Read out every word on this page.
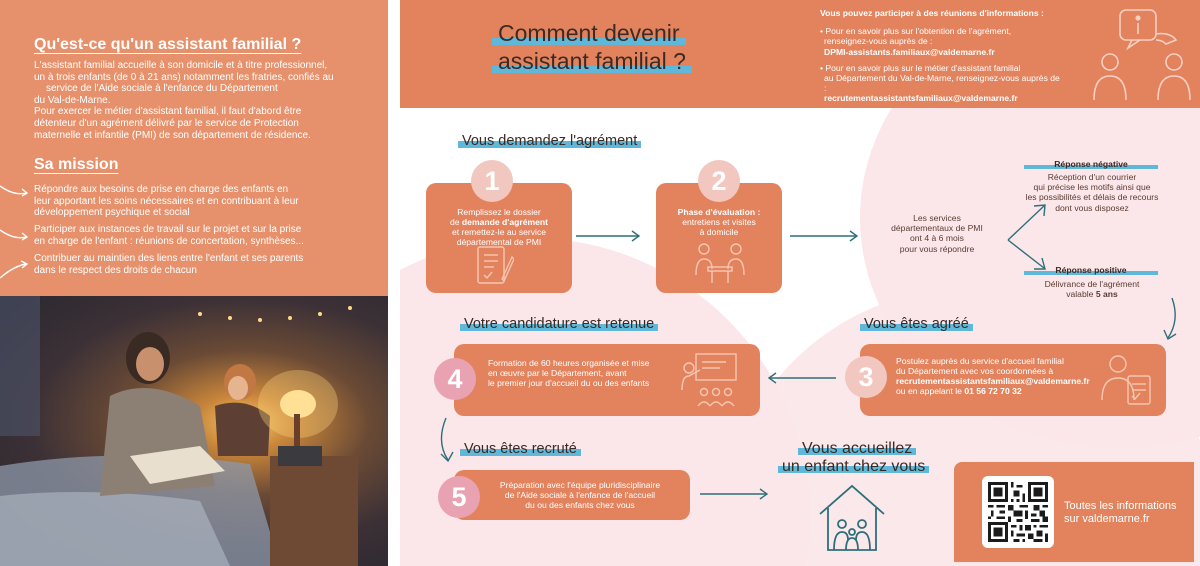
Qu'est-ce qu'un assistant familial ?
L'assistant familial accueille à son domicile et à titre professionnel,
un à trois enfants (de 0 à 21 ans) notamment les fratries, confiés au
service de l'Aide sociale à l'enfance du Département
du Val-de-Marne.
Pour exercer le métier d'assistant familial, il faut d'abord être
détenteur d'un agrément délivré par le service de Protection
maternelle et infantile (PMI) de son département de résidence.
Sa mission
Répondre aux besoins de prise en charge des enfants en
leur apportant les soins nécessaires et en contribuant à leur
développement psychique et social
Participer aux instances de travail sur le projet et sur la prise
en charge de l'enfant : réunions de concertation, synthèses...
Contribuer au maintien des liens entre l'enfant et ses parents
dans le respect des droits de chacun
Comment devenir
assistant familial ?
Vous pouvez participer à des réunions d'informations :
• Pour en savoir plus sur l'obtention de l'agrément,
renseignez-vous auprès de :
DPMI-assistants.familiaux@valdemarne.fr
• Pour en savoir plus sur le métier d'assistant familial
au Département du Val-de-Marne, renseignez-vous auprès de :
recrutementassistantsfamiliaux@valdemarne.fr
Vous demandez l'agrément
Vous êtes agréé
Votre candidature est retenue
Vous êtes recruté	Vous accueillez
un enfant chez vous
Remplissez le dossier
de demande d'agrément
et remettez-le au service
départemental de PMI
1
Phase d'évaluation :
entretiens et visites
à domicile
2
Les services
départementaux de PMI
ont 4 à 6 mois
pour vous répondre
Réponse négative
Réception d'un courrier
qui précise les motifs ainsi que
les possibilités et délais de recours
dont vous disposez
Réponse positive
Délivrance de l'agrément
valable 5 ans
Postulez auprès du service d'accueil familial
du Département avec vos coordonnées à
recrutementassistantsfamiliaux@valdemarne.fr
ou en appelant le 01 56 72 70 32
3
Formation de 60 heures organisée et mise
en œuvre par le Département, avant
le premier jour d'accueil du ou des enfants
4
Préparation avec l'équipe pluridisciplinaire
de l'Aide sociale à l'enfance de l'accueil
du ou des enfants chez vous
5	Toutes les informations
sur valdemarne.fr
